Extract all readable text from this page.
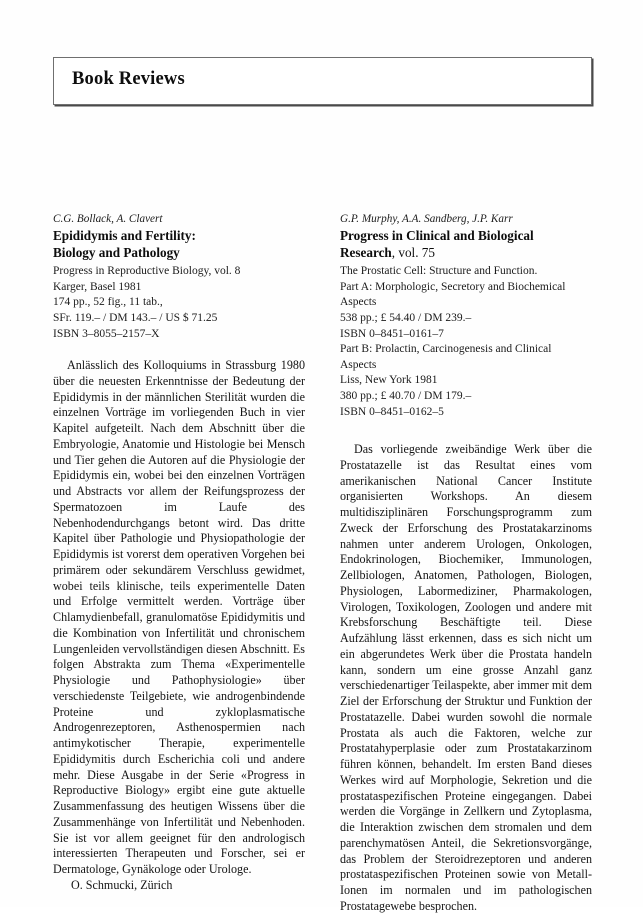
Book Reviews
C.G. Bollack, A. Clavert
Epididymis and Fertility:
Biology and Pathology
Progress in Reproductive Biology, vol. 8
Karger, Basel 1981
174 pp., 52 fig., 11 tab.,
SFr. 119.– / DM 143.– / US $ 71.25
ISBN 3–8055–2157–X

Anlässlich des Kolloquiums in Strassburg 1980 über die neuesten Erkenntnisse der Bedeutung der Epididymis in der männlichen Sterilität wurden die einzelnen Vorträge im vorliegenden Buch in vier Kapitel aufgeteilt. Nach dem Abschnitt über die Embryologie, Anatomie und Histologie bei Mensch und Tier gehen die Autoren auf die Physiologie der Epididymis ein, wobei bei den einzelnen Vorträgen und Abstracts vor allem der Reifungsprozess der Spermatozoen im Laufe des Nebenhodendurchgangs betont wird. Das dritte Kapitel über Pathologie und Physiopathologie der Epididymis ist vorerst dem operativen Vorgehen bei primärem oder sekundärem Verschluss gewidmet, wobei teils klinische, teils experimentelle Daten und Erfolge vermittelt werden. Vorträge über Chlamydienbefall, granulomatöse Epididymitis und die Kombination von Infertilität und chronischem Lungenleiden vervollständigen diesen Abschnitt. Es folgen Abstrakta zum Thema «Experimentelle Physiologie und Pathophysiologie» über verschiedenste Teilgebiete, wie androgenbindende Proteine und zykloplasmatische Androgenrezeptoren, Asthenospermien nach antimykotischer Therapie, experimentelle Epididymitis durch Escherichia coli und andere mehr. Diese Ausgabe in der Serie «Progress in Reproductive Biology» ergibt eine gute aktuelle Zusammenfassung des heutigen Wissens über die Zusammenhänge von Infertilität und Nebenhoden. Sie ist vor allem geeignet für den andrologisch interessierten Therapeuten und Forscher, sei er Dermatologe, Gynäkologe oder Urologe.

O. Schmucki, Zürich
G.P. Murphy, A.A. Sandberg, J.P. Karr
Progress in Clinical and Biological
Research, vol. 75
The Prostatic Cell: Structure and Function.
Part A: Morphologic, Secretory and Biochemical
Aspects
538 pp.; £ 54.40 / DM 239.–
ISBN 0–8451–0161–7
Part B: Prolactin, Carcinogenesis and Clinical
Aspects
Liss, New York 1981
380 pp.; £ 40.70 / DM 179.–
ISBN 0–8451–0162–5

Das vorliegende zweibändige Werk über die Prostatazelle ist das Resultat eines vom amerikanischen National Cancer Institute organisierten Workshops. An diesem multidisziplinären Forschungsprogramm zum Zweck der Erforschung des Prostatakarzinoms nahmen unter anderem Urologen, Onkologen, Endokrinologen, Biochemiker, Immunologen, Zellbiologen, Anatomen, Pathologen, Biologen, Physiologen, Labormediziner, Pharmakologen, Virologen, Toxikologen, Zoologen und andere mit Krebsforschung Beschäftigte teil. Diese Aufzählung lässt erkennen, dass es sich nicht um ein abgerundetes Werk über die Prostata handeln kann, sondern um eine grosse Anzahl ganz verschiedenartiger Teilaspekte, aber immer mit dem Ziel der Erforschung der Struktur und Funktion der Prostatazelle. Dabei wurden sowohl die normale Prostata als auch die Faktoren, welche zur Prostatahyperplasie oder zum Prostatakarzinom führen können, behandelt. Im ersten Band dieses Werkes wird auf Morphologie, Sekretion und die prostataspezifischen Proteine eingegangen. Dabei werden die Vorgänge in Zellkern und Zytoplasma, die Interaktion zwischen dem stromalen und dem parenchymatösen Anteil, die Sekretionsvorgänge, das Problem der Steroidrezeptoren und anderen prostataspezifischen Proteinen sowie von Metall-Ionen im normalen und im pathologischen Prostatagewebe besprochen.
